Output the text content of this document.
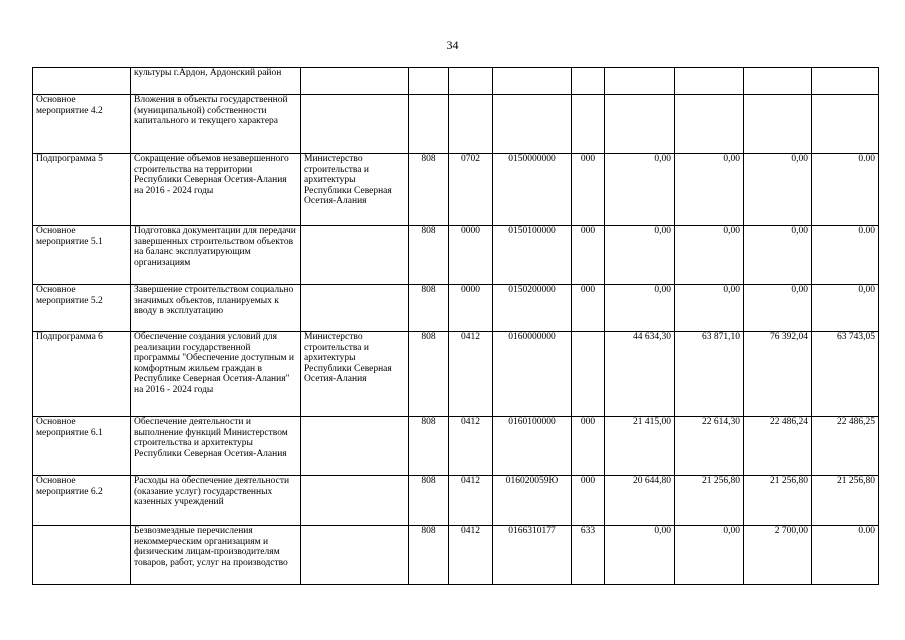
34
	культуры г.Ардон, Ардонский район									
Основное мероприятие 4.2	Вложения в объекты государственной (муниципальной) собственности капитального и текущего характера									
Подпрограмма 5	Сокращение объемов незавершенного строительства на территории Республики Северная Осетия-Алания на 2016 - 2024 годы	Министерство строительства и архитектуры Республики Северная Осетия-Алания	808	0702	0150000000	000	0,00	0,00	0,00	0.00
Основное мероприятие 5.1	Подготовка документации для передачи завершенных строительством объектов на баланс эксплуатирующим организациям		808	0000	0150100000	000	0,00	0,00	0,00	0.00
Основное мероприятие 5.2	Завершение строительством социально значимых объектов, планируемых к вводу в эксплуатацию		808	0000	0150200000	000	0,00	0,00	0,00	0,00
Подпрограмма 6	Обеспечение создания условий для реализации государственной программы "Обеспечение доступным и комфортным жильем граждан в Республике Северная Осетия-Алания" на 2016 - 2024 годы	Министерство строительства и архитектуры Республики Северная Осетия-Алания	808	0412	0160000000		44 634,30	63 871,10	76 392,04	63 743,05
Основное мероприятие 6.1	Обеспечение деятельности и выполнение функций Министерством строительства и архитектуры Республики Северная Осетия-Алания		808	0412	0160100000	000	21 415,00	22 614,30	22 486,24	22 486,25
Основное мероприятие 6.2	Расходы на обеспечение деятельности (оказание услуг) государственных казенных учреждений		808	0412	016020059Ю	000	20 644,80	21 256,80	21 256,80	21 256,80
	Безвозмездные перечисления некоммерческим организациям и физическим лицам-производителям товаров, работ, услуг на производство		808	0412	0166310177	633	0,00	0,00	2 700,00	0.00
